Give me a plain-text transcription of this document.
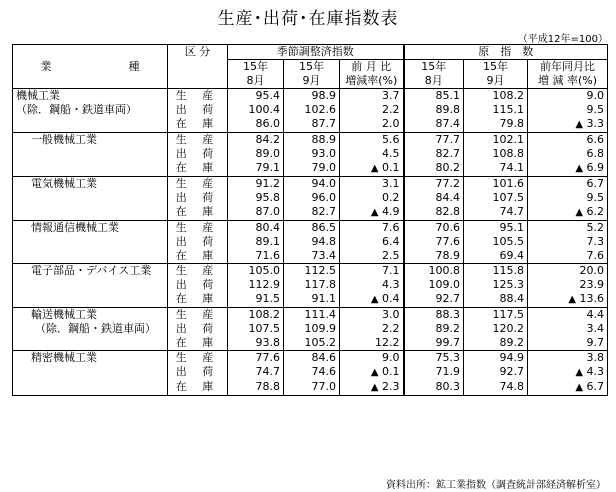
生産･出荷･在庫指数表
（平成12年=100）
業　　　　　　　種	区 分	季節調整済指数			原　指　数		
		15年	15年	前 月 比	15年	15年	前年同月比
		8月	9月	増減率(%)	8月	9月	増 減 率(%)
機械工業	生 産	95.4	98.9	3.7	85.1	108.2	9.0
（除．鋼船・鉄道車両）	出 荷	100.4	102.6	2.2	89.8	115.1	9.5
	在 庫	86.0	87.7	2.0	87.4	79.8	▲ 3.3
一般機械工業	生 産	84.2	88.9	5.6	77.7	102.1	6.6
	出 荷	89.0	93.0	4.5	82.7	108.8	6.8
	在 庫	79.1	79.0	▲ 0.1	80.2	74.1	▲ 6.9
電気機械工業	生 産	91.2	94.0	3.1	77.2	101.6	6.7
	出 荷	95.8	96.0	0.2	84.4	107.5	9.5
	在 庫	87.0	82.7	▲ 4.9	82.8	74.7	▲ 6.2
情報通信機械工業	生 産	80.4	86.5	7.6	70.6	95.1	5.2
	出 荷	89.1	94.8	6.4	77.6	105.5	7.3
	在 庫	71.6	73.4	2.5	78.9	69.4	7.6
電子部品・デバイス工業	生 産	105.0	112.5	7.1	100.8	115.8	20.0
	出 荷	112.9	117.8	4.3	109.0	125.3	23.9
	在 庫	91.5	91.1	▲ 0.4	92.7	88.4	▲ 13.6
輸送機械工業	生 産	108.2	111.4	3.0	88.3	117.5	4.4
（除．鋼船・鉄道車両）	出 荷	107.5	109.9	2.2	89.2	120.2	3.4
	在 庫	93.8	105.2	12.2	99.7	89.2	9.7
精密機械工業	生 産	77.6	84.6	9.0	75.3	94.9	3.8
	出 荷	74.7	74.6	▲ 0.1	71.9	92.7	▲ 4.3
	在 庫	78.8	77.0	▲ 2.3	80.3	74.8	▲ 6.7
資料出所：鉱工業指数（調査統計部経済解析室）
